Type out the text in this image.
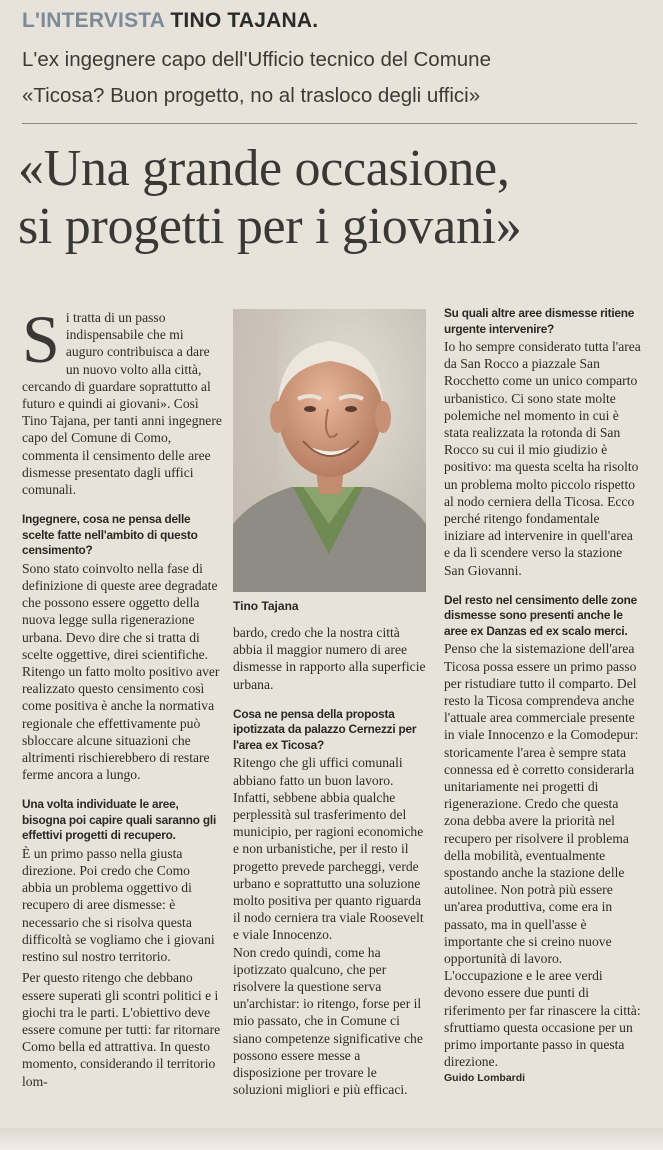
L'INTERVISTA TINO TAJANA.
L'ex ingegnere capo dell'Ufficio tecnico del Comune
«Ticosa? Buon progetto, no al trasloco degli uffici»
«Una grande occasione,
si progetti per i giovani»
S i tratta di un passo indispensabile che mi auguro contribuisca a dare un nuovo volto alla città, cercando di guardare soprattutto al futuro e quindi ai giovani». Così Tino Tajana, per tanti anni ingegnere capo del Comune di Como, commenta il censimento delle aree dismesse presentato dagli uffici comunali.

Ingegnere, cosa ne pensa delle scelte fatte nell'ambito di questo censimento?

Sono stato coinvolto nella fase di definizione di queste aree degradate che possono essere oggetto della nuova legge sulla rigenerazione urbana. Devo dire che si tratta di scelte oggettive, direi scientifiche. Ritengo un fatto molto positivo aver realizzato questo censimento così come positiva è anche la normativa regionale che effettivamente può sbloccare alcune situazioni che altrimenti rischierebbero di restare ferme ancora a lungo.

Una volta individuate le aree, bisogna poi capire quali saranno gli effettivi progetti di recupero.

È un primo passo nella giusta direzione. Poi credo che Como abbia un problema oggettivo di recupero di aree dismesse: è necessario che si risolva questa difficoltà se vogliamo che i giovani restino sul nostro territorio.

Per questo ritengo che debbano essere superati gli scontri politici e i giochi tra le parti. L'obiettivo deve essere comune per tutti: far ritornare Como bella ed attrattiva. In questo momento, considerando il territorio lom-

Tino Tajana

bardo, credo che la nostra città abbia il maggior numero di aree dismesse in rapporto alla superficie urbana.

Cosa ne pensa della proposta ipotizzata da palazzo Cernezzi per l'area ex Ticosa?

Ritengo che gli uffici comunali abbiano fatto un buon lavoro. Infatti, sebbene abbia qualche perplessità sul trasferimento del municipio, per ragioni economiche e non urbanistiche, per il resto il progetto prevede parcheggi, verde urbano e soprattutto una soluzione molto positiva per quanto riguarda il nodo cerniera tra viale Roosevelt e viale Innocenzo.

Non credo quindi, come ha ipotizzato qualcuno, che per risolvere la questione serva un'archistar: io ritengo, forse per il mio passato, che in Comune ci siano competenze significative che possono essere messe a disposizione per trovare le soluzioni migliori e più efficaci.

Su quali altre aree dismesse ritiene urgente intervenire?

Io ho sempre considerato tutta l'area da San Rocco a piazzale San Rocchetto come un unico comparto urbanistico. Ci sono state molte polemiche nel momento in cui è stata realizzata la rotonda di San Rocco su cui il mio giudizio è positivo: ma questa scelta ha risolto un problema molto piccolo rispetto al nodo cerniera della Ticosa. Ecco perché ritengo fondamentale iniziare ad intervenire in quell'area e da lì scendere verso la stazione San Giovanni.

Del resto nel censimento delle zone dismesse sono presenti anche le aree ex Danzas ed ex scalo merci.

Penso che la sistemazione dell'area Ticosa possa essere un primo passo per ristudiare tutto il comparto. Del resto la Ticosa comprendeva anche l'attuale area commerciale presente in viale Innocenzo e la Comodepur: storicamente l'area è sempre stata connessa ed è corretto considerarla unitariamente nei progetti di rigenerazione. Credo che questa zona debba avere la priorità nel recupero per risolvere il problema della mobilità, eventualmente spostando anche la stazione delle autolinee. Non potrà più essere un'area produttiva, come era in passato, ma in quell'asse è importante che si creino nuove opportunità di lavoro. L'occupazione e le aree verdi devono essere due punti di riferimento per far rinascere la città: sfruttiamo questa occasione per un primo importante passo in questa direzione.

Guido Lombardi
